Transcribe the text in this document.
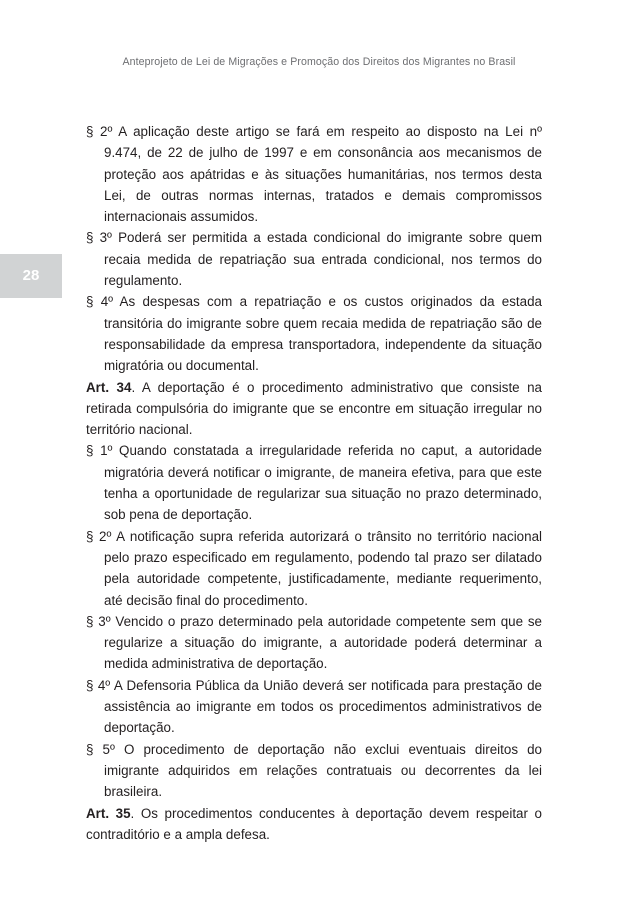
Anteprojeto de Lei de Migrações e Promoção dos Direitos dos Migrantes no Brasil
28

§ 2º A aplicação deste artigo se fará em respeito ao disposto na Lei nº 9.474, de 22 de julho de 1997 e em consonância aos mecanismos de proteção aos apátridas e às situações humanitárias, nos termos desta Lei, de outras normas internas, tratados e demais compromissos internacionais assumidos.

§ 3º Poderá ser permitida a estada condicional do imigrante sobre quem recaia medida de repatriação sua entrada condicional, nos termos do regulamento.

§ 4º As despesas com a repatriação e os custos originados da estada transitória do imigrante sobre quem recaia medida de repatriação são de responsabilidade da empresa transportadora, independente da situação migratória ou documental.

Art. 34. A deportação é o procedimento administrativo que consiste na retirada compulsória do imigrante que se encontre em situação irregular no território nacional.

§ 1º Quando constatada a irregularidade referida no caput, a autoridade migratória deverá notificar o imigrante, de maneira efetiva, para que este tenha a oportunidade de regularizar sua situação no prazo determinado, sob pena de deportação.

§ 2º A notificação supra referida autorizará o trânsito no território nacional pelo prazo especificado em regulamento, podendo tal prazo ser dilatado pela autoridade competente, justificadamente, mediante requerimento, até decisão final do procedimento.

§ 3º Vencido o prazo determinado pela autoridade competente sem que se regularize a situação do imigrante, a autoridade poderá determinar a medida administrativa de deportação.

§ 4º A Defensoria Pública da União deverá ser notificada para prestação de assistência ao imigrante em todos os procedimentos administrativos de deportação.

§ 5º O procedimento de deportação não exclui eventuais direitos do imigrante adquiridos em relações contratuais ou decorrentes da lei brasileira.

Art. 35. Os procedimentos conducentes à deportação devem respeitar o contraditório e a ampla defesa.
